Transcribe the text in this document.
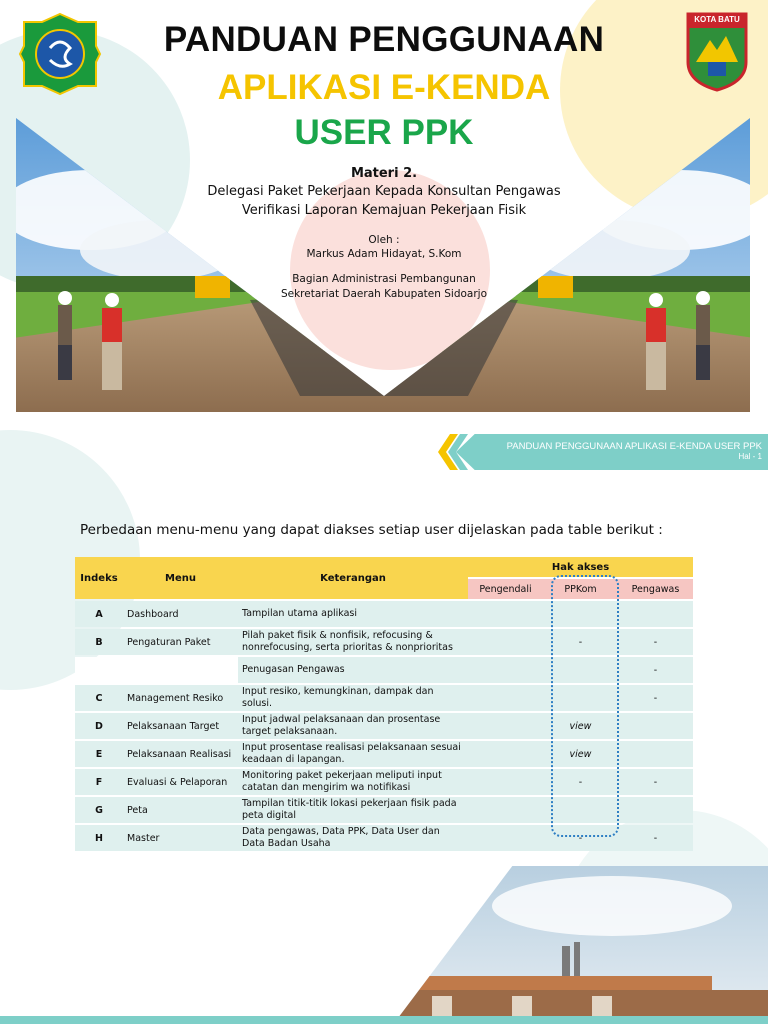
KOTA BATU
PANDUAN PENGGUNAAN
APLIKASI E-KENDA
USER PPK
Materi 2.
Delegasi Paket Pekerjaan Kepada Konsultan Pengawas
Verifikasi Laporan Kemajuan Pekerjaan Fisik
Oleh :
Markus Adam Hidayat, S.Kom
Bagian Administrasi Pembangunan
Sekretariat Daerah Kabupaten Sidoarjo
PANDUAN PENGGUNAAN APLIKASI E-KENDA USER PPK
Hal - 1
Perbedaan menu-menu yang dapat diakses setiap user dijelaskan pada table berikut :
Indeks	Menu	Keterangan	Hak akses		
			Pengendali	PPKom	Pengawas
A	Dashboard	Tampilan utama aplikasi			
B	Pengaturan Paket	Pilah paket fisik & nonfisik, refocusing & nonrefocusing, serta prioritas & nonprioritas		-	-
		Penugasan Pengawas			-
C	Management Resiko	Input resiko, kemungkinan, dampak dan solusi.			-
D	Pelaksanaan Target	Input jadwal pelaksanaan dan prosentase target pelaksanaan.		view	
E	Pelaksanaan Realisasi	Input prosentase realisasi pelaksanaan sesuai keadaan di lapangan.		view	
F	Evaluasi & Pelaporan	Monitoring paket pekerjaan meliputi input catatan dan mengirim wa notifikasi		-	-
G	Peta	Tampilan titik-titik lokasi pekerjaan fisik pada peta digital			
H	Master	Data pengawas, Data PPK, Data User dan Data Badan Usaha		-	-
